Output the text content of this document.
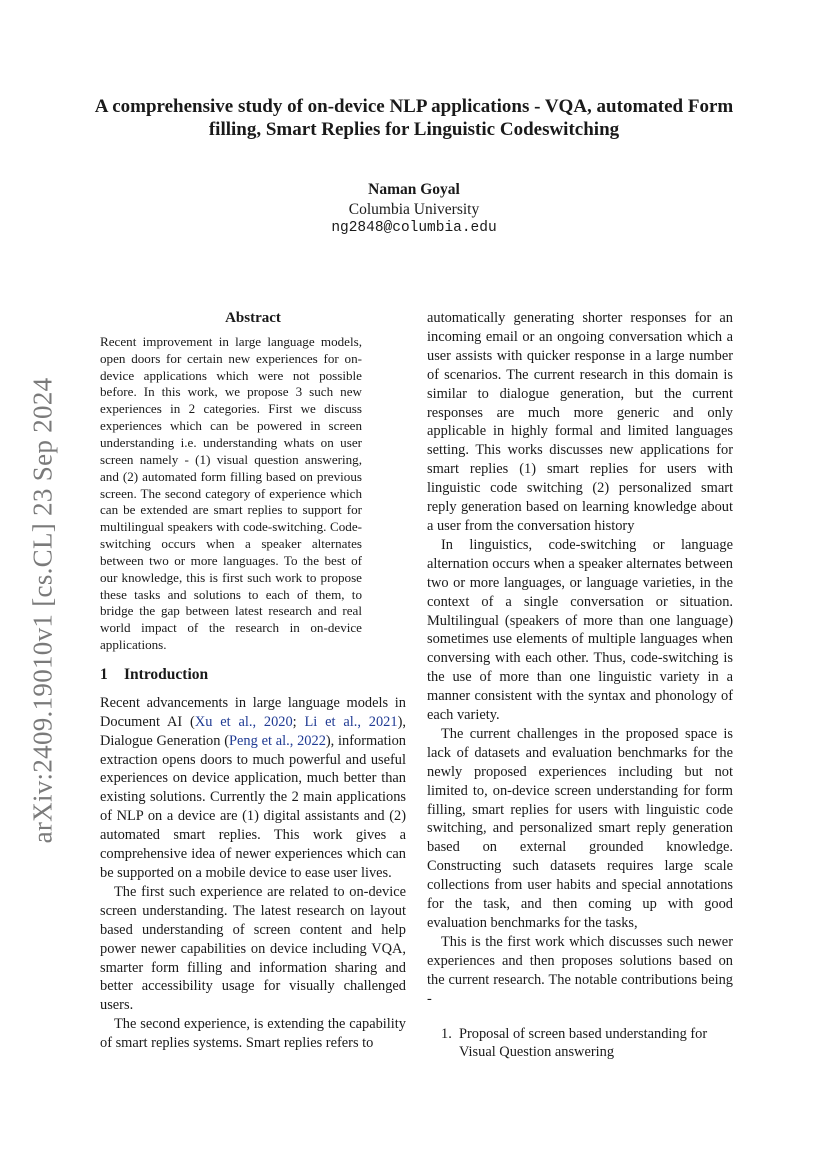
arXiv:2409.19010v1 [cs.CL] 23 Sep 2024
A comprehensive study of on-device NLP applications - VQA, automated Form filling, Smart Replies for Linguistic Codeswitching
Naman Goyal
Columbia University
ng2848@columbia.edu
Abstract

Recent improvement in large language models, open doors for certain new experiences for on-device applications which were not possible before. In this work, we propose 3 such new experiences in 2 categories. First we discuss experiences which can be powered in screen understanding i.e. understanding whats on user screen namely - (1) visual question answering, and (2) automated form filling based on previous screen. The second category of experience which can be extended are smart replies to support for multilingual speakers with code-switching. Code-switching occurs when a speaker alternates between two or more languages. To the best of our knowledge, this is first such work to propose these tasks and solutions to each of them, to bridge the gap between latest research and real world impact of the research in on-device applications.

1 Introduction

Recent advancements in large language models in Document AI (Xu et al., 2020; Li et al., 2021), Dialogue Generation (Peng et al., 2022), information extraction opens doors to much powerful and useful experiences on device application, much better than existing solutions. Currently the 2 main applications of NLP on a device are (1) digital assistants and (2) automated smart replies. This work gives a comprehensive idea of newer experiences which can be supported on a mobile device to ease user lives.

The first such experience are related to on-device screen understanding. The latest research on layout based understanding of screen content and help power newer capabilities on device including VQA, smarter form filling and information sharing and better accessibility usage for visually challenged users.

The second experience, is extending the capability of smart replies systems. Smart replies refers to

automatically generating shorter responses for an incoming email or an ongoing conversation which a user assists with quicker response in a large number of scenarios. The current research in this domain is similar to dialogue generation, but the current responses are much more generic and only applicable in highly formal and limited languages setting. This works discusses new applications for smart replies (1) smart replies for users with linguistic code switching (2) personalized smart reply generation based on learning knowledge about a user from the conversation history

In linguistics, code-switching or language alternation occurs when a speaker alternates between two or more languages, or language varieties, in the context of a single conversation or situation. Multilingual (speakers of more than one language) sometimes use elements of multiple languages when conversing with each other. Thus, code-switching is the use of more than one linguistic variety in a manner consistent with the syntax and phonology of each variety.

The current challenges in the proposed space is lack of datasets and evaluation benchmarks for the newly proposed experiences including but not limited to, on-device screen understanding for form filling, smart replies for users with linguistic code switching, and personalized smart reply generation based on external grounded knowledge. Constructing such datasets requires large scale collections from user habits and special annotations for the task, and then coming up with good evaluation benchmarks for the tasks,

This is the first work which discusses such newer experiences and then proposes solutions based on the current research. The notable contributions being -

1. Proposal of screen based understanding for Visual Question answering
